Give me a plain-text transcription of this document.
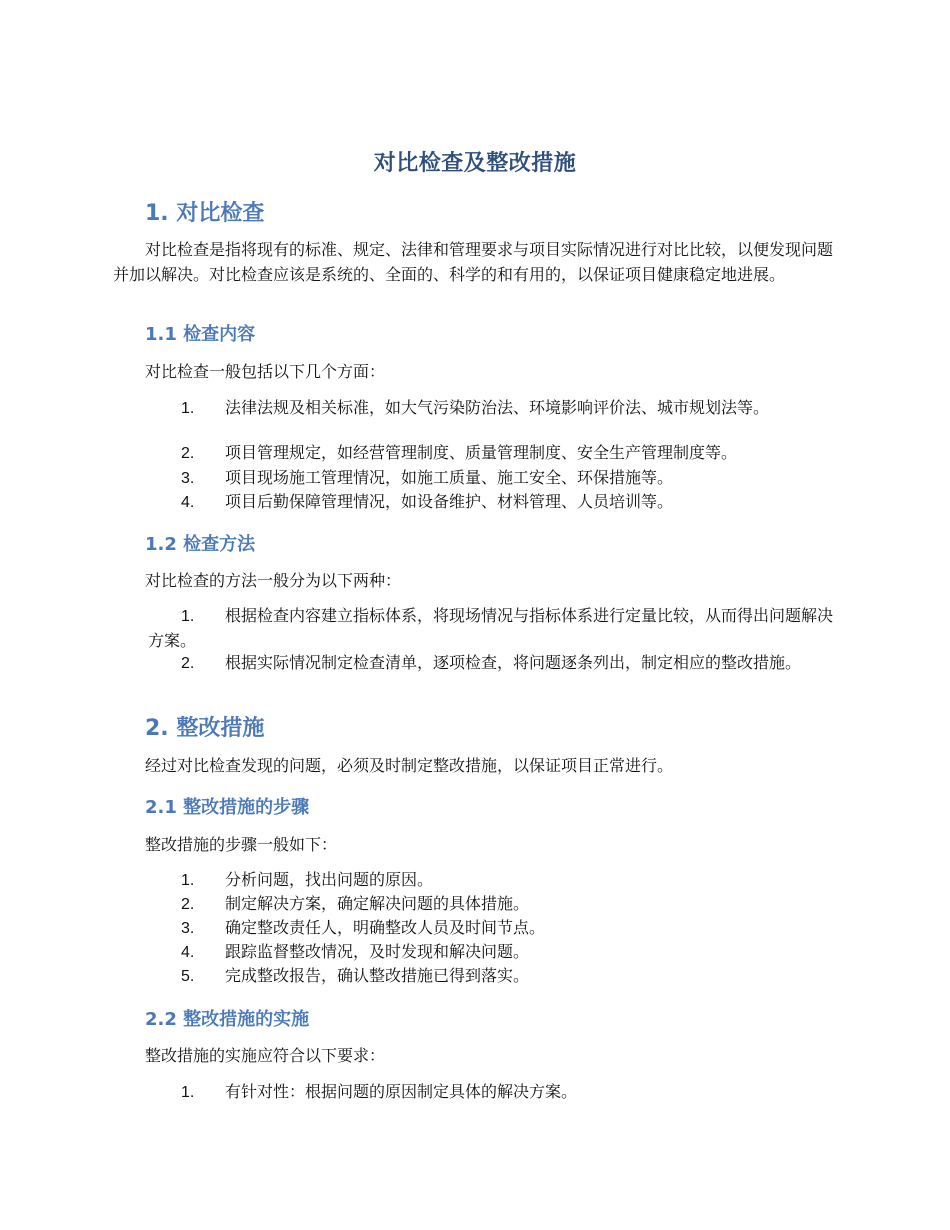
对比检查及整改措施
1. 对比检查
对比检查是指将现有的标准、规定、法律和管理要求与项目实际情况进行对比比较，以便发现问题并加以解决。对比检查应该是系统的、全面的、科学的和有用的，以保证项目健康稳定地进展。
1.1 检查内容
对比检查一般包括以下几个方面：
1. 法律法规及相关标准，如大气污染防治法、环境影响评价法、城市规划法等。
2. 项目管理规定，如经营管理制度、质量管理制度、安全生产管理制度等。
3. 项目现场施工管理情况，如施工质量、施工安全、环保措施等。
4. 项目后勤保障管理情况，如设备维护、材料管理、人员培训等。
1.2 检查方法
对比检查的方法一般分为以下两种：
1. 根据检查内容建立指标体系，将现场情况与指标体系进行定量比较，从而得出问题解决方案。
2. 根据实际情况制定检查清单，逐项检查，将问题逐条列出，制定相应的整改措施。
2. 整改措施
经过对比检查发现的问题，必须及时制定整改措施，以保证项目正常进行。
2.1 整改措施的步骤
整改措施的步骤一般如下：
1. 分析问题，找出问题的原因。
2. 制定解决方案，确定解决问题的具体措施。
3. 确定整改责任人，明确整改人员及时间节点。
4. 跟踪监督整改情况，及时发现和解决问题。
5. 完成整改报告，确认整改措施已得到落实。
2.2 整改措施的实施
整改措施的实施应符合以下要求：
1. 有针对性：根据问题的原因制定具体的解决方案。
